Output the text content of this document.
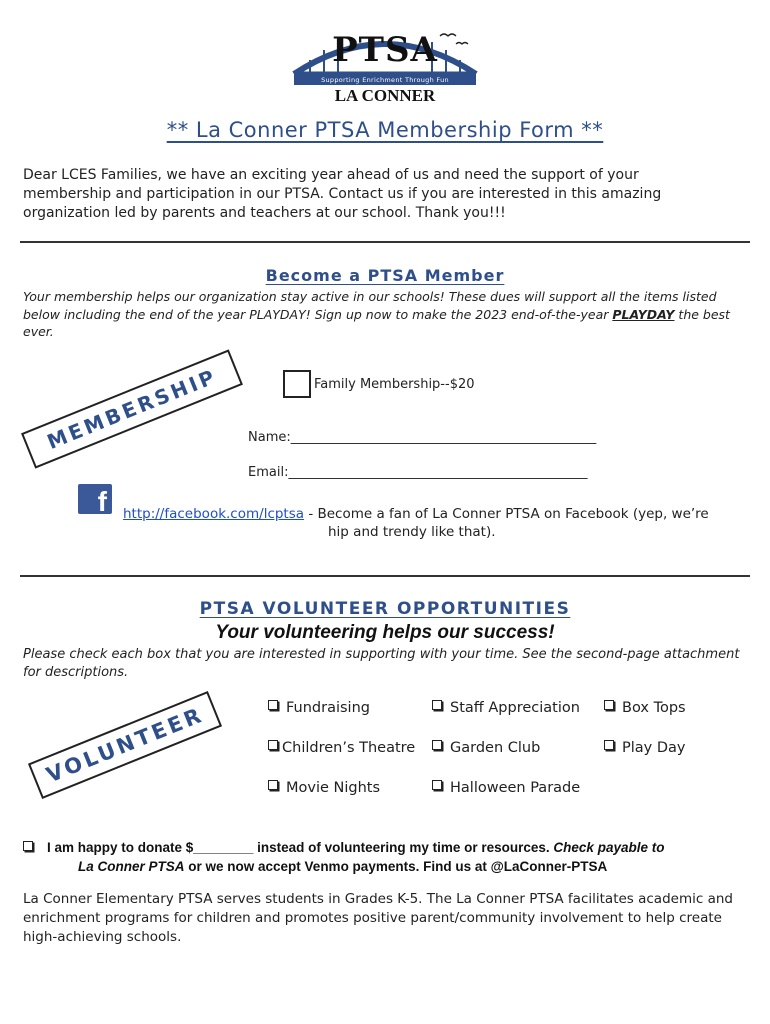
PTSA
Supporting Enrichment Through Fun
LA CONNER
** La Conner PTSA Membership Form **
Dear LCES Families, we have an exciting year ahead of us and need the support of your membership and participation in our PTSA. Contact us if you are interested in this amazing organization led by parents and teachers at our school. Thank you!!!
Become a PTSA Member
Your membership helps our organization stay active in our schools! These dues will support all the items listed below including the end of the year PLAYDAY! Sign up now to make the 2023 end-of-the-year PLAYDAY the best ever.
MEMBERSHIP	Family Membership--$20
Name:_______________________________________________
Email:______________________________________________
f	http://facebook.com/lcptsa - Become a fan of La Conner PTSA on Facebook (yep, we’re
hip and trendy like that).
PTSA VOLUNTEER OPPORTUNITIES
Your volunteering helps our success!
Please check each box that you are interested in supporting with your time. See the second-page attachment for descriptions.
VOLUNTEER	Fundraising	Staff Appreciation	Box Tops
Children’s Theatre	Garden Club	Play Day
Movie Nights	Halloween Parade
I am happy to donate $________ instead of volunteering my time or resources. Check payable to
La Conner PTSA or we now accept Venmo payments. Find us at @LaConner-PTSA
La Conner Elementary PTSA serves students in Grades K-5. The La Conner PTSA facilitates academic and enrichment programs for children and promotes positive parent/community involvement to help create high-achieving schools.
